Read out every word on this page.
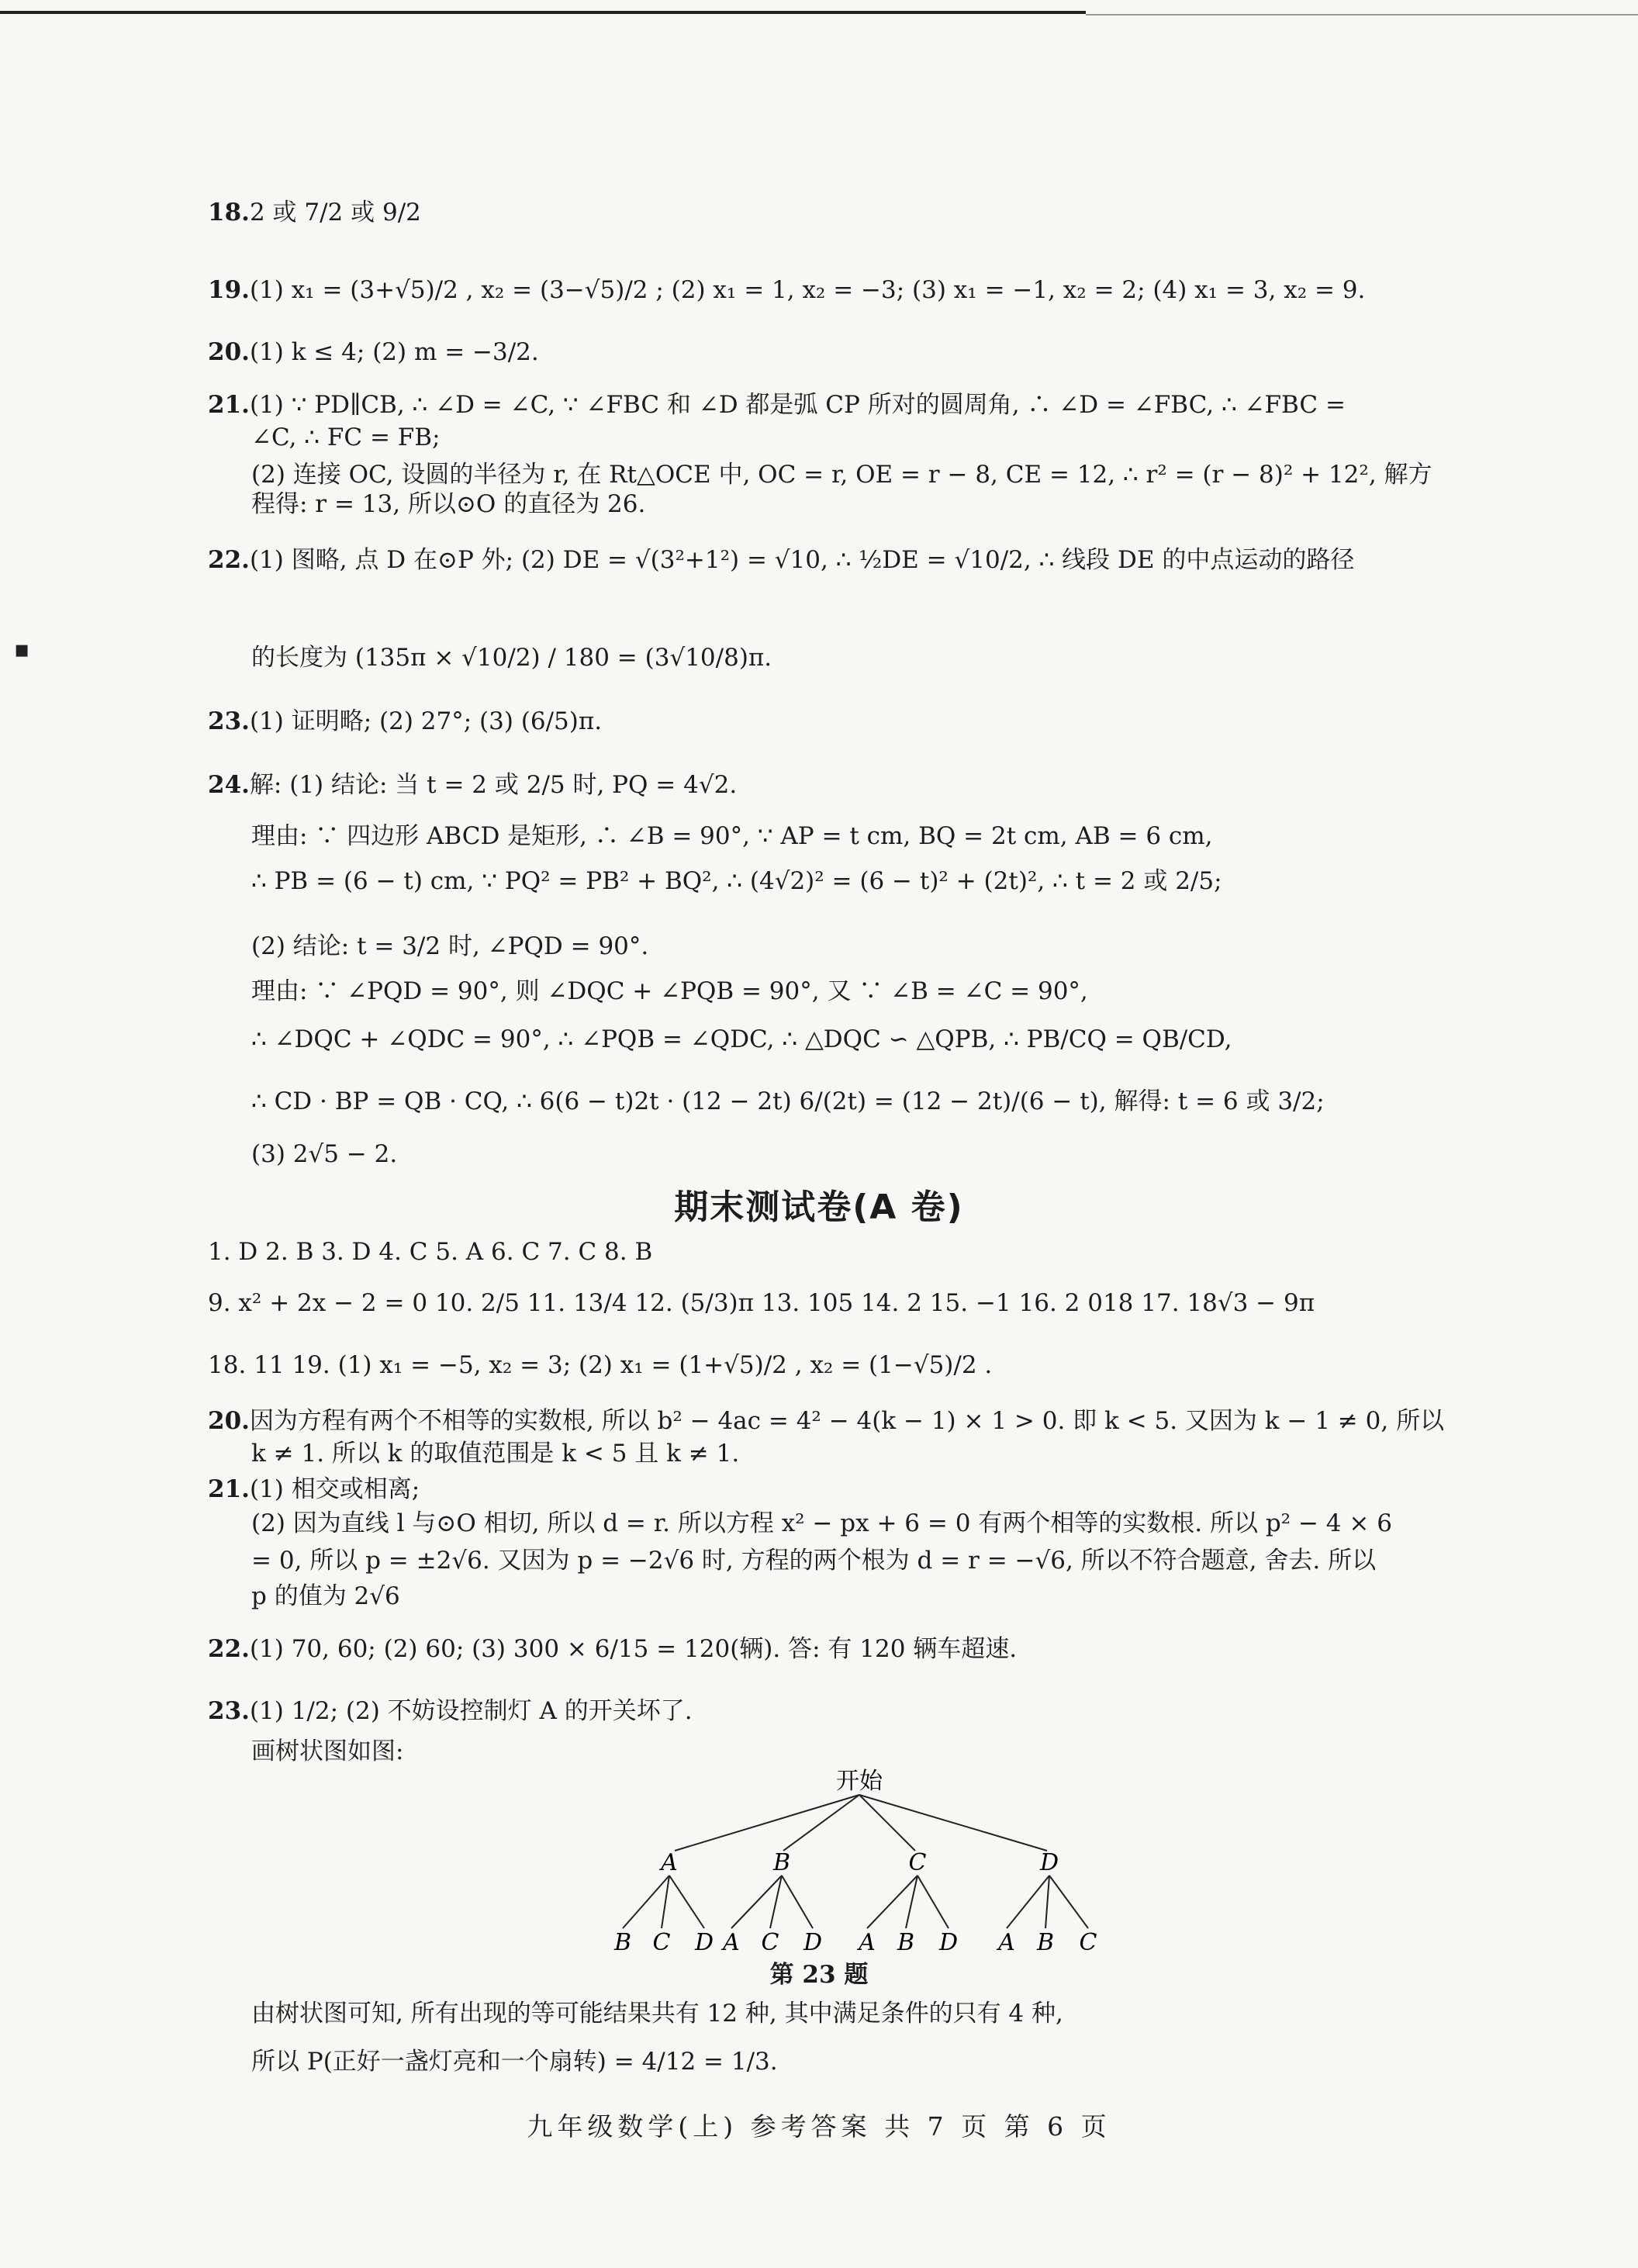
▪
18.2 或 7/2 或 9/2
19.(1) x₁ = (3+√5)/2 , x₂ = (3−√5)/2 ; (2) x₁ = 1, x₂ = −3; (3) x₁ = −1, x₂ = 2; (4) x₁ = 3, x₂ = 9.
20.(1) k ≤ 4; (2) m = −3/2.
21.(1) ∵ PD∥CB, ∴ ∠D = ∠C, ∵ ∠FBC 和 ∠D 都是弧 CP 所对的圆周角, ∴ ∠D = ∠FBC, ∴ ∠FBC =
∠C, ∴ FC = FB;
(2) 连接 OC, 设圆的半径为 r, 在 Rt△OCE 中, OC = r, OE = r − 8, CE = 12, ∴ r² = (r − 8)² + 12², 解方
程得: r = 13, 所以⊙O 的直径为 26.
22.(1) 图略, 点 D 在⊙P 外; (2) DE = √(3²+1²) = √10, ∴ ½DE = √10/2, ∴ 线段 DE 的中点运动的路径
的长度为 (135π × √10/2) / 180 = (3√10/8)π.
23.(1) 证明略; (2) 27°; (3) (6/5)π.
24.解: (1) 结论: 当 t = 2 或 2/5 时, PQ = 4√2.
理由: ∵ 四边形 ABCD 是矩形, ∴ ∠B = 90°, ∵ AP = t cm, BQ = 2t cm, AB = 6 cm,
∴ PB = (6 − t) cm, ∵ PQ² = PB² + BQ², ∴ (4√2)² = (6 − t)² + (2t)², ∴ t = 2 或 2/5;
(2) 结论: t = 3/2 时, ∠PQD = 90°.
理由: ∵ ∠PQD = 90°, 则 ∠DQC + ∠PQB = 90°, 又 ∵ ∠B = ∠C = 90°,
∴ ∠DQC + ∠QDC = 90°, ∴ ∠PQB = ∠QDC, ∴ △DQC ∽ △QPB, ∴ PB/CQ = QB/CD,
∴ CD · BP = QB · CQ, ∴ 6(6 − t)2t · (12 − 2t) 6/(2t) = (12 − 2t)/(6 − t), 解得: t = 6 或 3/2;
(3) 2√5 − 2.
期末测试卷(A 卷)
1. D 2. B 3. D 4. C 5. A 6. C 7. C 8. B
9. x² + 2x − 2 = 0 10. 2/5 11. 13/4 12. (5/3)π 13. 105 14. 2 15. −1 16. 2 018 17. 18√3 − 9π
18. 11 19. (1) x₁ = −5, x₂ = 3; (2) x₁ = (1+√5)/2 , x₂ = (1−√5)/2 .
20.因为方程有两个不相等的实数根, 所以 b² − 4ac = 4² − 4(k − 1) × 1 > 0. 即 k < 5. 又因为 k − 1 ≠ 0, 所以
k ≠ 1. 所以 k 的取值范围是 k < 5 且 k ≠ 1.
21.(1) 相交或相离;
(2) 因为直线 l 与⊙O 相切, 所以 d = r. 所以方程 x² − px + 6 = 0 有两个相等的实数根. 所以 p² − 4 × 6
= 0, 所以 p = ±2√6. 又因为 p = −2√6 时, 方程的两个根为 d = r = −√6, 所以不符合题意, 舍去. 所以
p 的值为 2√6
22.(1) 70, 60; (2) 60; (3) 300 × 6/15 = 120(辆). 答: 有 120 辆车超速.
23.(1) 1/2; (2) 不妨设控制灯 A 的开关坏了.
画树状图如图:
开始
A	B	C	D
B C D A C D A B D A B C
第 23 题
由树状图可知, 所有出现的等可能结果共有 12 种, 其中满足条件的只有 4 种,
所以 P(正好一盏灯亮和一个扇转) = 4/12 = 1/3.
九年级数学(上) 参考答案 共 7 页 第 6 页
